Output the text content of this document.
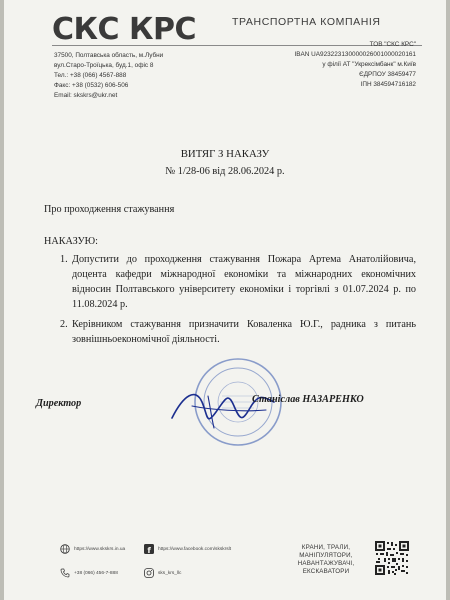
СКС КРС	ТРАНСПОРТНА КОМПАНІЯ
37500, Полтавська область, м.Лубни
вул.Старо-Троїцька, буд.1, офіс 8
Тел.: +38 (066) 4567-888
Факс: +38 (0532) 606-506
Email: skskrs@ukr.net
ТОВ "СКС КРС"
IBAN UA923223130000026001000020161
у філії АТ "Укрексімбанк" м.Київ
ЄДРПОУ 38459477
ІПН 384594716182
ВИТЯГ З НАКАЗУ
№ 1/28-06 від 28.06.2024 р.
Про проходження стажування
НАКАЗУЮ:
1. Допустити до проходження стажування Пожара Артема Анатолійовича, доцента кафедри міжнародної економіки та міжнародних економічних відносин Полтавського університету економіки і торгівлі з 01.07.2024 р. по 11.08.2024 р.
2. Керівником стажування призначити Коваленка Ю.Г., радника з питань зовнішньоекономічної діяльності.
Директор	Станіслав НАЗАРЕНКО
https://www.skskrs.in.ua	f https://www.facebook.com/skskrslt
+38 (066) 456-7-888	sks_krs_llc
КРАНИ, ТРАЛИ,
МАНІПУЛЯТОРИ,
НАВАНТАЖУВАЧІ,
ЕКСКАВАТОРИ
